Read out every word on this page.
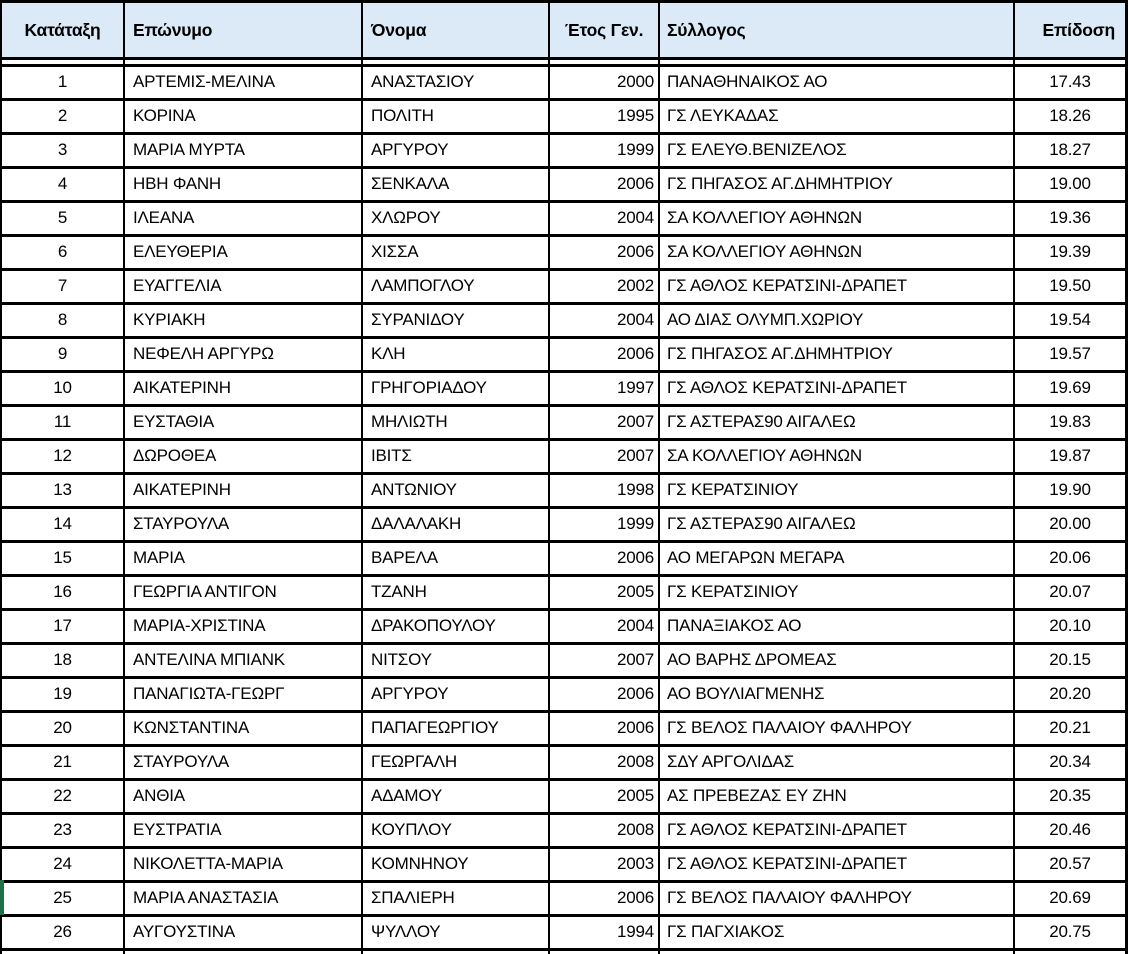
Κατάταξη	Επώνυμο	Όνομα	Έτος Γεν.	Σύλλογος	Επίδοση
1	ΑΡΤΕΜΙΣ-ΜΕΛΙΝΑ	ΑΝΑΣΤΑΣΙΟΥ	2000 ΠΑΝΑΘΗΝΑΙΚΟΣ ΑΟ	17.43
2	ΚΟΡΙΝΑ	ΠΟΛΙΤΗ	1995 ΓΣ ΛΕΥΚΑΔΑΣ	18.26
3	ΜΑΡΙΑ ΜΥΡΤΑ	ΑΡΓΥΡΟΥ	1999 ΓΣ ΕΛΕΥΘ.ΒΕΝΙΖΕΛΟΣ	18.27
4	ΗΒΗ ΦΑΝΗ	ΣΕΝΚΑΛΑ	2006 ΓΣ ΠΗΓΑΣΟΣ ΑΓ.ΔΗΜΗΤΡΙΟΥ	19.00
5	ΙΛΕΑΝΑ	ΧΛΩΡΟΥ	2004 ΣΑ ΚΟΛΛΕΓΙΟΥ ΑΘΗΝΩΝ	19.36
6	ΕΛΕΥΘΕΡΙΑ	ΧΙΣΣΑ	2006 ΣΑ ΚΟΛΛΕΓΙΟΥ ΑΘΗΝΩΝ	19.39
7	ΕΥΑΓΓΕΛΙΑ	ΛΑΜΠΟΓΛΟΥ	2002 ΓΣ ΑΘΛΟΣ ΚΕΡΑΤΣΙΝΙ-ΔΡΑΠΕΤ	19.50
8	ΚΥΡΙΑΚΗ	ΣΥΡΑΝΙΔΟΥ	2004 ΑΟ ΔΙΑΣ ΟΛΥΜΠ.ΧΩΡΙΟΥ	19.54
9	ΝΕΦΕΛΗ ΑΡΓΥΡΩ	ΚΛΗ	2006 ΓΣ ΠΗΓΑΣΟΣ ΑΓ.ΔΗΜΗΤΡΙΟΥ	19.57
10	ΑΙΚΑΤΕΡΙΝΗ	ΓΡΗΓΟΡΙΑΔΟΥ	1997 ΓΣ ΑΘΛΟΣ ΚΕΡΑΤΣΙΝΙ-ΔΡΑΠΕΤ	19.69
11	ΕΥΣΤΑΘΙΑ	ΜΗΛΙΩΤΗ	2007 ΓΣ ΑΣΤΕΡΑΣ90 ΑΙΓΑΛΕΩ	19.83
12	ΔΩΡΟΘΕΑ	ΙΒΙΤΣ	2007 ΣΑ ΚΟΛΛΕΓΙΟΥ ΑΘΗΝΩΝ	19.87
13	ΑΙΚΑΤΕΡΙΝΗ	ΑΝΤΩΝΙΟΥ	1998 ΓΣ ΚΕΡΑΤΣΙΝΙΟΥ	19.90
14	ΣΤΑΥΡΟΥΛΑ	ΔΑΛΑΛΑΚΗ	1999 ΓΣ ΑΣΤΕΡΑΣ90 ΑΙΓΑΛΕΩ	20.00
15	ΜΑΡΙΑ	ΒΑΡΕΛΑ	2006 ΑΟ ΜΕΓΑΡΩΝ ΜΕΓΑΡΑ	20.06
16	ΓΕΩΡΓΙΑ ΑΝΤΙΓΟΝ	ΤΖΑΝΗ	2005 ΓΣ ΚΕΡΑΤΣΙΝΙΟΥ	20.07
17	ΜΑΡΙΑ-ΧΡΙΣΤΙΝΑ	ΔΡΑΚΟΠΟΥΛΟΥ	2004 ΠΑΝΑΞΙΑΚΟΣ ΑΟ	20.10
18	ΑΝΤΕΛΙΝΑ ΜΠΙΑΝΚ	ΝΙΤΣΟΥ	2007 ΑΟ ΒΑΡΗΣ ΔΡΟΜΕΑΣ	20.15
19	ΠΑΝΑΓΙΩΤΑ-ΓΕΩΡΓ	ΑΡΓΥΡΟΥ	2006 ΑΟ ΒΟΥΛΙΑΓΜΕΝΗΣ	20.20
20	ΚΩΝΣΤΑΝΤΙΝΑ	ΠΑΠΑΓΕΩΡΓΙΟΥ	2006 ΓΣ ΒΕΛΟΣ ΠΑΛΑΙΟΥ ΦΑΛΗΡΟΥ	20.21
21	ΣΤΑΥΡΟΥΛΑ	ΓΕΩΡΓΑΛΗ	2008 ΣΔΥ ΑΡΓΟΛΙΔΑΣ	20.34
22	ΑΝΘΙΑ	ΑΔΑΜΟΥ	2005 ΑΣ ΠΡΕΒΕΖΑΣ ΕΥ ΖΗΝ	20.35
23	ΕΥΣΤΡΑΤΙΑ	ΚΟΥΠΛΟΥ	2008 ΓΣ ΑΘΛΟΣ ΚΕΡΑΤΣΙΝΙ-ΔΡΑΠΕΤ	20.46
24	ΝΙΚΟΛΕΤΤΑ-ΜΑΡΙΑ	ΚΟΜΝΗΝΟΥ	2003 ΓΣ ΑΘΛΟΣ ΚΕΡΑΤΣΙΝΙ-ΔΡΑΠΕΤ	20.57
25	ΜΑΡΙΑ ΑΝΑΣΤΑΣΙΑ	ΣΠΑΛΙΕΡΗ	2006 ΓΣ ΒΕΛΟΣ ΠΑΛΑΙΟΥ ΦΑΛΗΡΟΥ	20.69
26	ΑΥΓΟΥΣΤΙΝΑ	ΨΥΛΛΟΥ	1994 ΓΣ ΠΑΓΧΙΑΚΟΣ	20.75
